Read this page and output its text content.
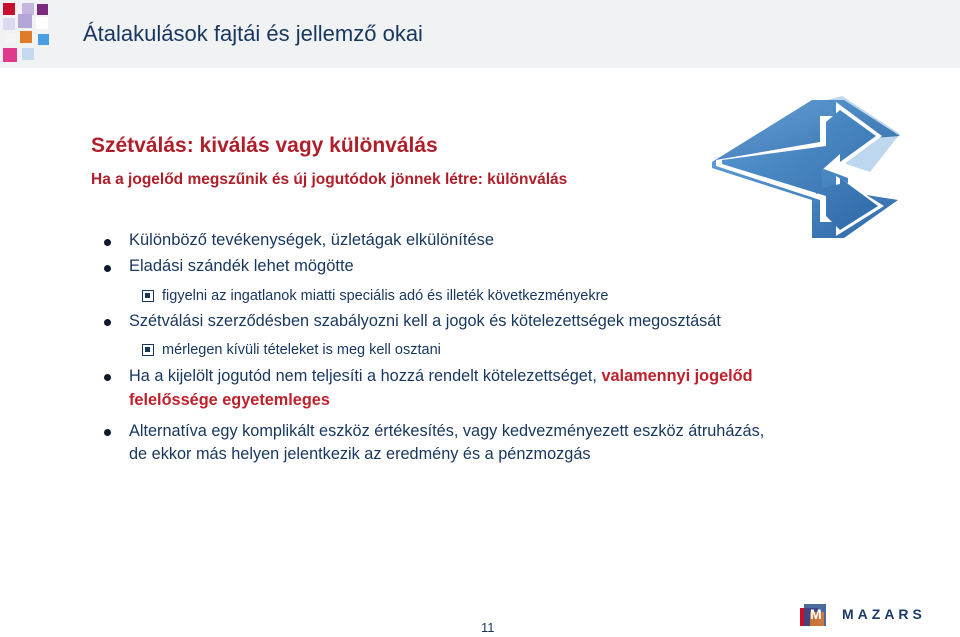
Átalakulások fajtái és jellemző okai
Szétválás: kiválás vagy különválás
Ha a jogelőd megszűnik és új jogutódok jönnek létre: különválás
Különböző tevékenységek, üzletágak elkülönítése
Eladási szándék lehet mögötte
figyelni az ingatlanok miatti speciális adó és illeték következményekre
Szétválási szerződésben szabályozni kell a jogok és kötelezettségek megosztását
mérlegen kívüli tételeket is meg kell osztani
Ha a kijelölt jogutód nem teljesíti a hozzá rendelt kötelezettséget, valamennyi jogelőd
felelőssége egyetemleges
Alternatíva egy komplikált eszköz értékesítés, vagy kedvezményezett eszköz átruházás,
de ekkor más helyen jelentkezik az eredmény és a pénzmozgás
11
M MAZARS
